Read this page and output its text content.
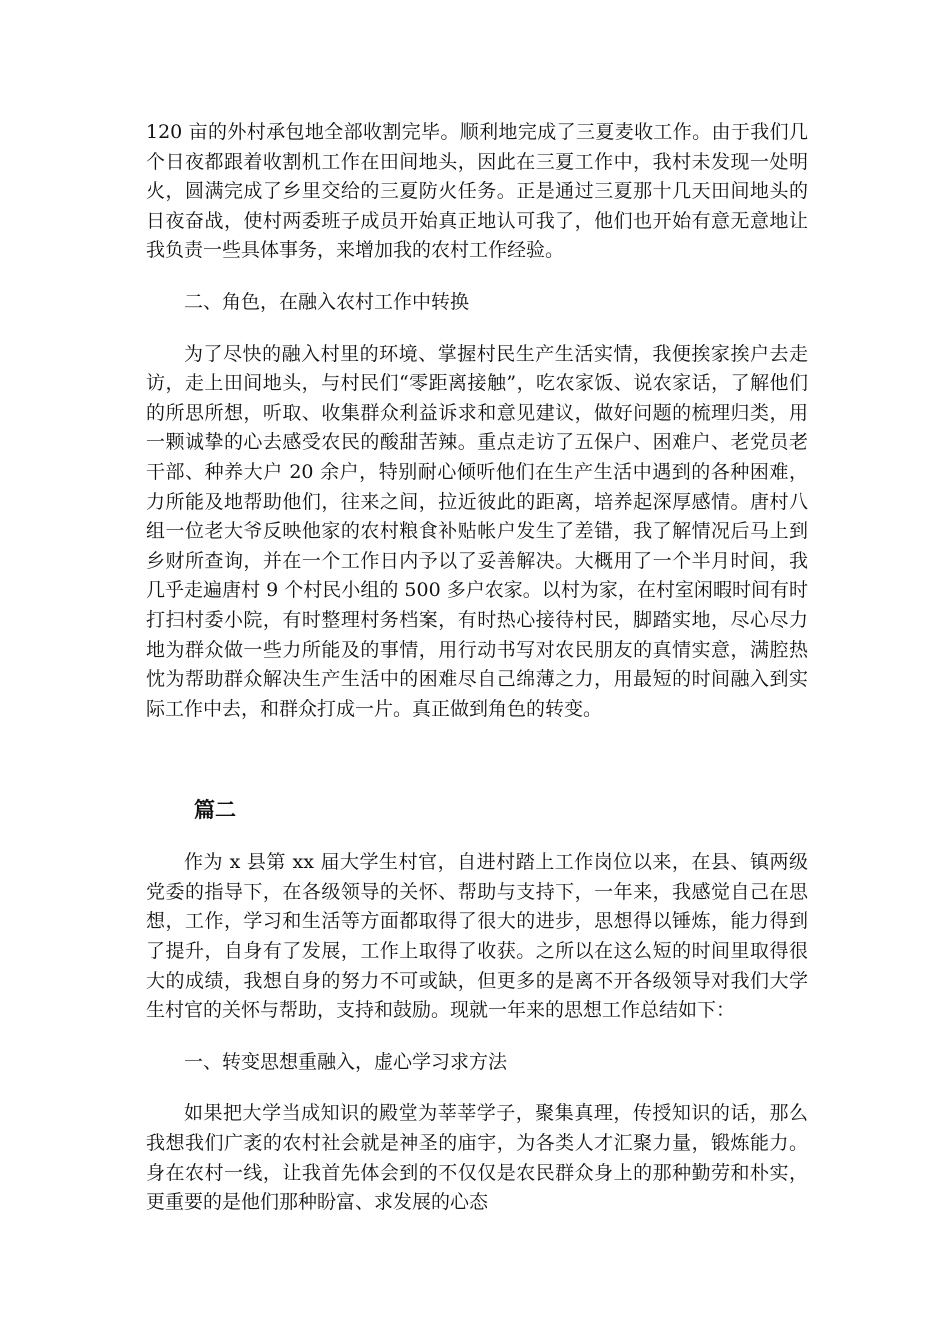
120 亩的外村承包地全部收割完毕。顺利地完成了三夏麦收工作。由于我们几个日夜都跟着收割机工作在田间地头，因此在三夏工作中，我村未发现一处明火，圆满完成了乡里交给的三夏防火任务。正是通过三夏那十几天田间地头的日夜奋战，使村两委班子成员开始真正地认可我了，他们也开始有意无意地让我负责一些具体事务，来增加我的农村工作经验。

二、角色，在融入农村工作中转换

为了尽快的融入村里的环境、掌握村民生产生活实情，我便挨家挨户去走访，走上田间地头，与村民们“零距离接触”，吃农家饭、说农家话，了解他们的所思所想，听取、收集群众利益诉求和意见建议，做好问题的梳理归类，用一颗诚挚的心去感受农民的酸甜苦辣。重点走访了五保户、困难户、老党员老干部、种养大户 20 余户，特别耐心倾听他们在生产生活中遇到的各种困难，力所能及地帮助他们，往来之间，拉近彼此的距离，培养起深厚感情。唐村八组一位老大爷反映他家的农村粮食补贴帐户发生了差错，我了解情况后马上到乡财所查询，并在一个工作日内予以了妥善解决。大概用了一个半月时间，我几乎走遍唐村 9 个村民小组的 500 多户农家。以村为家，在村室闲暇时间有时打扫村委小院，有时整理村务档案，有时热心接待村民，脚踏实地，尽心尽力地为群众做一些力所能及的事情，用行动书写对农民朋友的真情实意，满腔热忱为帮助群众解决生产生活中的困难尽自己绵薄之力，用最短的时间融入到实际工作中去，和群众打成一片。真正做到角色的转变。

篇二

作为 x 县第 xx 届大学生村官，自进村踏上工作岗位以来，在县、镇两级党委的指导下，在各级领导的关怀、帮助与支持下，一年来，我感觉自己在思想，工作，学习和生活等方面都取得了很大的进步，思想得以锤炼，能力得到了提升，自身有了发展，工作上取得了收获。之所以在这么短的时间里取得很大的成绩，我想自身的努力不可或缺，但更多的是离不开各级领导对我们大学生村官的关怀与帮助，支持和鼓励。现就一年来的思想工作总结如下：

一、转变思想重融入，虚心学习求方法

如果把大学当成知识的殿堂为莘莘学子，聚集真理，传授知识的话，那么我想我们广袤的农村社会就是神圣的庙宇，为各类人才汇聚力量，锻炼能力。身在农村一线，让我首先体会到的不仅仅是农民群众身上的那种勤劳和朴实，更重要的是他们那种盼富、求发展的心态
